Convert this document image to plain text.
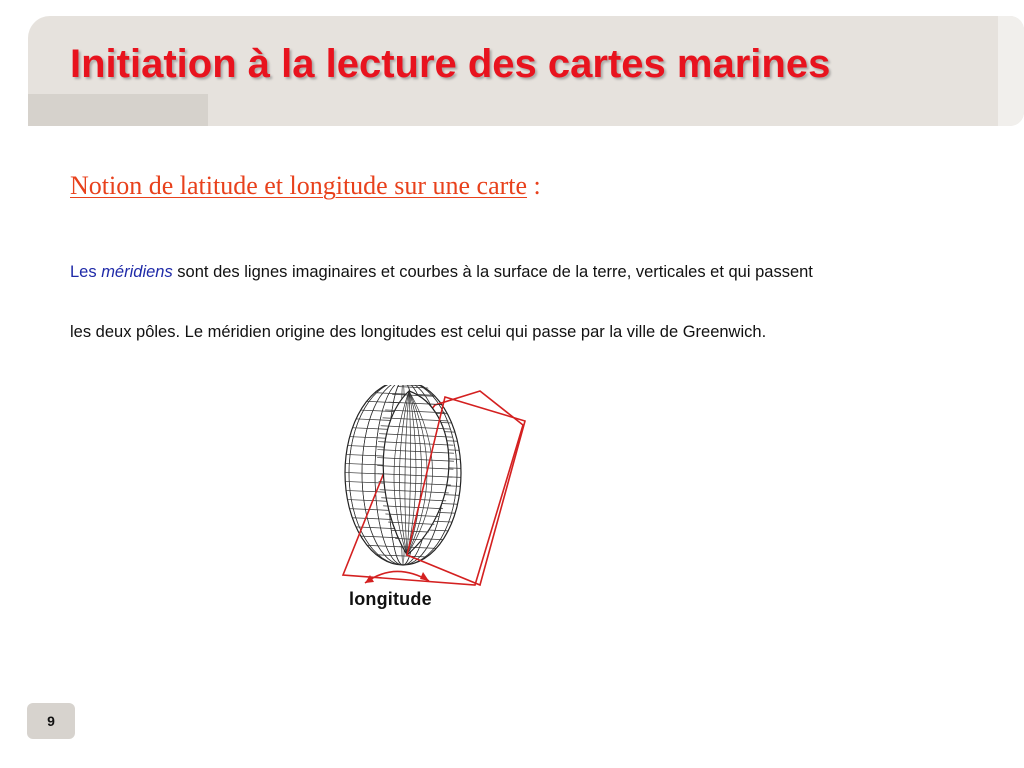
Initiation à la lecture des cartes marines
Notion de latitude et longitude sur une carte :
Les méridiens sont des lignes imaginaires et courbes à la surface de la terre, verticales et qui passent
les deux pôles. Le méridien origine des longitudes est celui qui passe par la ville de Greenwich.
longitude
9
